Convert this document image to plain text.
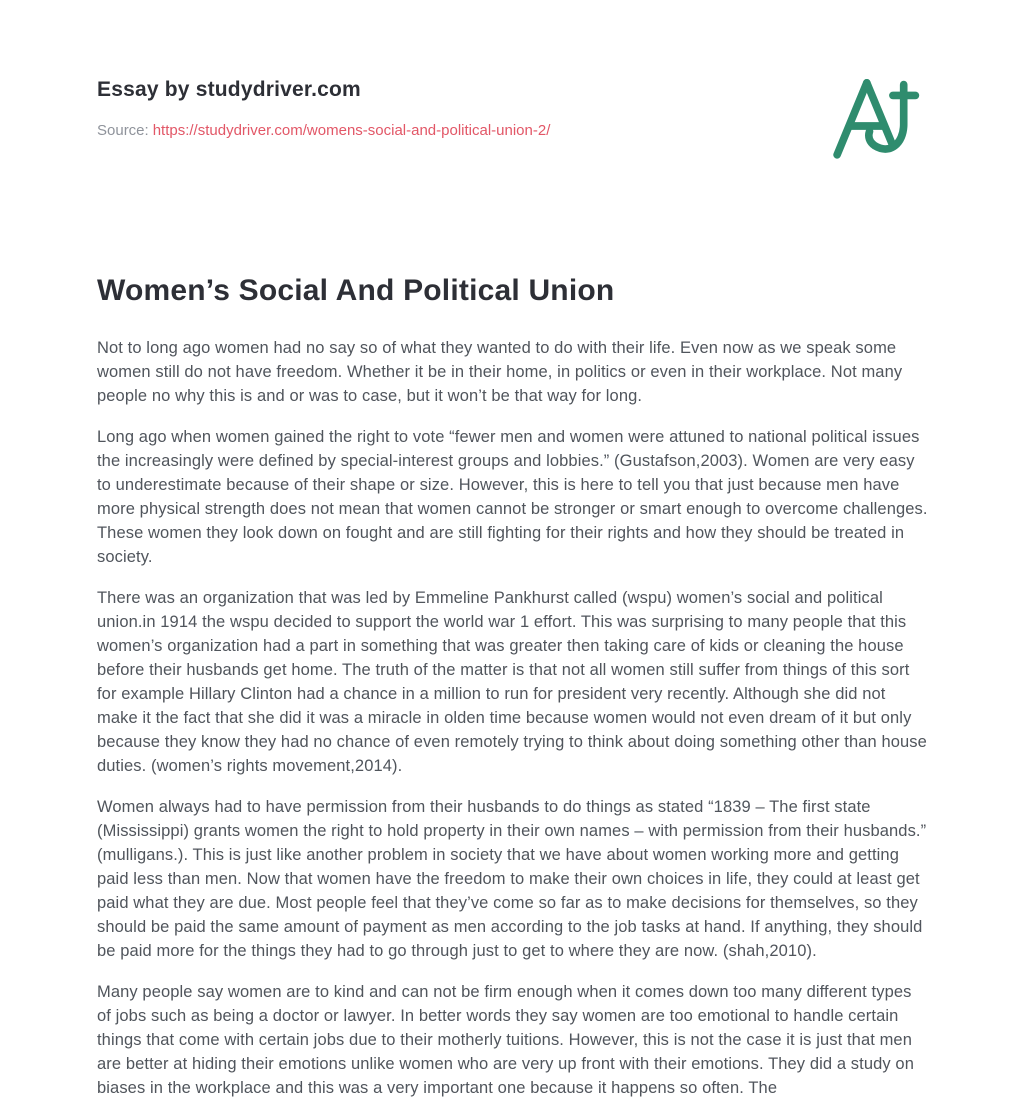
Essay by studydriver.com

Source: https://studydriver.com/womens-social-and-political-union-2/

Women’s Social And Political Union

Not to long ago women had no say so of what they wanted to do with their life. Even now as we speak some women still do not have freedom. Whether it be in their home, in politics or even in their workplace. Not many people no why this is and or was to case, but it won’t be that way for long.

Long ago when women gained the right to vote “fewer men and women were attuned to national political issues the increasingly were defined by special-interest groups and lobbies.” (Gustafson,2003). Women are very easy to underestimate because of their shape or size. However, this is here to tell you that just because men have more physical strength does not mean that women cannot be stronger or smart enough to overcome challenges. These women they look down on fought and are still fighting for their rights and how they should be treated in society.

There was an organization that was led by Emmeline Pankhurst called (wspu) women’s social and political union.in 1914 the wspu decided to support the world war 1 effort. This was surprising to many people that this women’s organization had a part in something that was greater then taking care of kids or cleaning the house before their husbands get home. The truth of the matter is that not all women still suffer from things of this sort for example Hillary Clinton had a chance in a million to run for president very recently. Although she did not make it the fact that she did it was a miracle in olden time because women would not even dream of it but only because they know they had no chance of even remotely trying to think about doing something other than house duties. (women’s rights movement,2014).

Women always had to have permission from their husbands to do things as stated “1839 – The first state (Mississippi) grants women the right to hold property in their own names – with permission from their husbands.” (mulligans.). This is just like another problem in society that we have about women working more and getting paid less than men. Now that women have the freedom to make their own choices in life, they could at least get paid what they are due. Most people feel that they’ve come so far as to make decisions for themselves, so they should be paid the same amount of payment as men according to the job tasks at hand. If anything, they should be paid more for the things they had to go through just to get to where they are now. (shah,2010).

Many people say women are to kind and can not be firm enough when it comes down too many different types of jobs such as being a doctor or lawyer. In better words they say women are too emotional to handle certain things that come with certain jobs due to their motherly tuitions. However, this is not the case it is just that men are better at hiding their emotions unlike women who are very up front with their emotions. They did a study on biases in the workplace and this was a very important one because it happens so often. The
